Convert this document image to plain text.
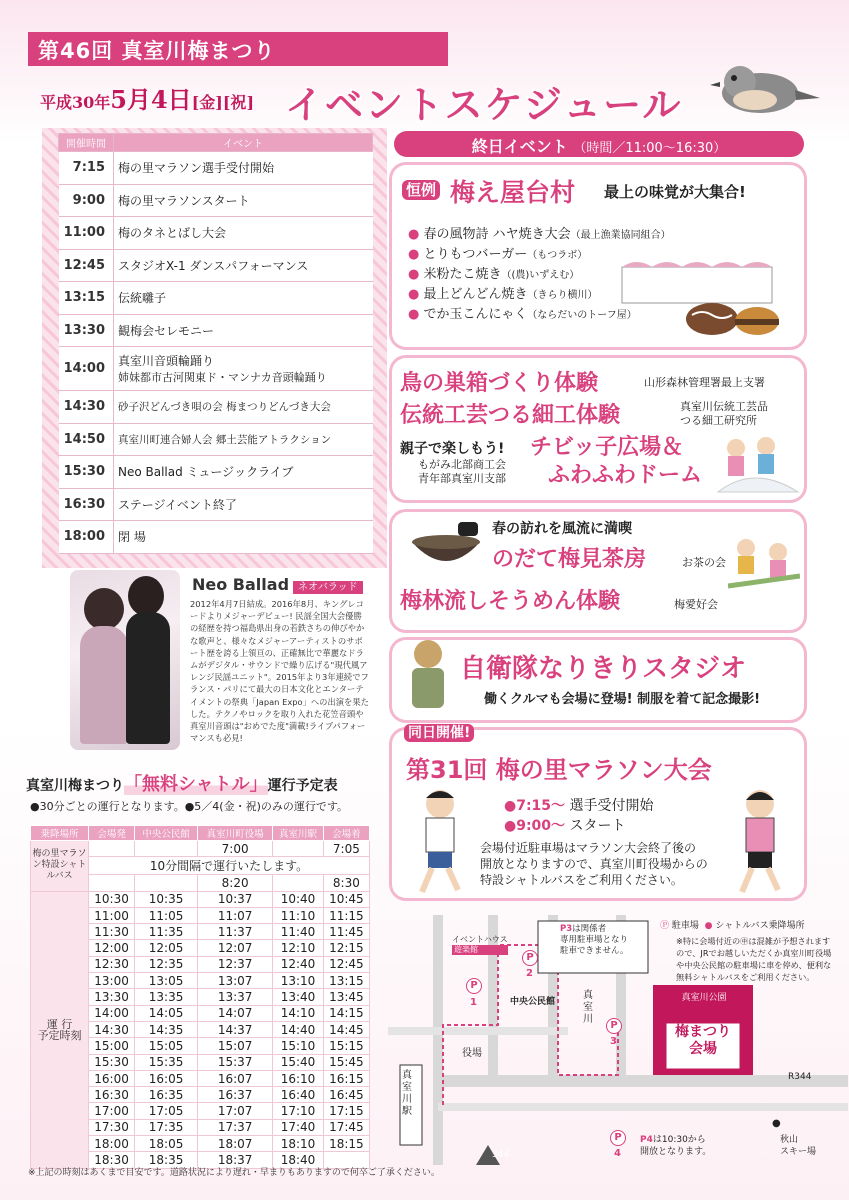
第46回 真室川梅まつり
平成30年5月4日[金][祝] イベントスケジュール
開催時間	イベント
7:15	梅の里マラソン選手受付開始
9:00	梅の里マラソンスタート
11:00	梅のタネとばし大会
12:45	スタジオX-1 ダンスパフォーマンス
13:15	伝統囃子
13:30	観梅会セレモニー
14:00	真室川音頭輪踊り
姉妹都市古河関東ド・マンナカ音頭輪踊り

14:30	砂子沢どんづき唄の会 梅まつりどんづき大会
14:50	真室川町連合婦人会 郷土芸能アトラクション
15:30	Neo Ballad ミュージックライブ
16:30	ステージイベント終了
18:00	閉 場
終日イベント （時間／11:00～16:30）
恒例 梅え屋台村 最上の味覚が大集合!
● 春の風物詩 ハヤ焼き大会（最上漁業協同組合）
● とりもつバーガー（もつラボ）
● 米粉たこ焼き（(農)いずえむ）
● 最上どんどん焼き（きらり横川）
● でか玉こんにゃく（ならだいのトーフ屋）
鳥の巣箱づくり体験	山形森林管理署最上支署
伝統工芸つる細工体験	真室川伝統工芸品
つる細工研究所
親子で楽しもう!
もがみ北部商工会
青年部真室川支部
チビッ子広場＆
ふわふわドーム
春の訪れを風流に満喫
のだて梅見茶房	お茶の会
梅林流しそうめん体験	梅愛好会
自衛隊なりきりスタジオ
働くクルマも会場に登場! 制服を着て記念撮影!
同日開催!
第31回 梅の里マラソン大会
●7:15～ 選手受付開始
●9:00～ スタート
会場付近駐車場はマラソン大会終了後の
開放となりますので、真室川町役場からの
特設シャトルバスをご利用ください。
Neo Ballad ネオバラッド
2012年4月7日結成。2016年8月、キングレコードよりメジャーデビュー! 民謡全国大会優勝の経歴を持つ福島県出身の若鉄さちの伸びやかな歌声と、様々なメジャーアーティストのサポート歴を誇る上領亘の、正確無比で華麗なドラムがデジタル・サウンドで繰り広げる"現代風アレンジ民謡ユニット"。2015年より3年連続でフランス・パリにて最大の日本文化とエンターテイメントの祭典「Japan Expo」への出演を果たした。テクノやロックを取り入れた花笠音頭や真室川音頭は"おめでた度"満載!ライブパフォーマンスも必見!
真室川梅まつり「無料シャトル」運行予定表
●30分ごとの運行となります。●5／4(金・祝)のみの運行です。
乗降場所	会場発	中央公民館	真室川町役場	真室川駅	会場着
梅の里マラソン特設シャトルバス			7:00		7:05
	10分間隔で運行いたします。				
			8:20		8:30

運 行
予定時刻	10:30	10:35	10:37	10:40	10:45
	11:00	11:05	11:07	11:10	11:15
	11:30	11:35	11:37	11:40	11:45
	12:00	12:05	12:07	12:10	12:15
	12:30	12:35	12:37	12:40	12:45
	13:00	13:05	13:07	13:10	13:15
	13:30	13:35	13:37	13:40	13:45
	14:00	14:05	14:07	14:10	14:15
	14:30	14:35	14:37	14:40	14:45
	15:00	15:05	15:07	15:10	15:15
	15:30	15:35	15:37	15:40	15:45
	16:00	16:05	16:07	16:10	16:15
	16:30	16:35	16:37	16:40	16:45
	17:00	17:05	17:07	17:10	17:15
	17:30	17:35	17:37	17:40	17:45
	18:00	18:05	18:07	18:10	18:15
	18:30	18:35	18:37	18:40	
※上記の時刻はあくまで目安です。道路状況により遅れ・早まりもありますので何卒ご了承ください。
Ⓟ 駐車場 ● シャトルバス乗降場所
※特に会場付近の㊥は混雑が予想されますので、JRでお越しいただくか真室川町役場や中央公民館の駐車場に車を停め、便利な無料シャトルバスをご利用ください。
イベントハウス
遊楽館
P
1
P
2
中央公民館
P3は関係者
専用駐車場となり
駐車できません。
真室川
P
3
役場
真室川駅
真室川公園
梅まつり
会場
344
R344
P
4
P4は10:30から
開放となります。
●
秋山
スキー場
